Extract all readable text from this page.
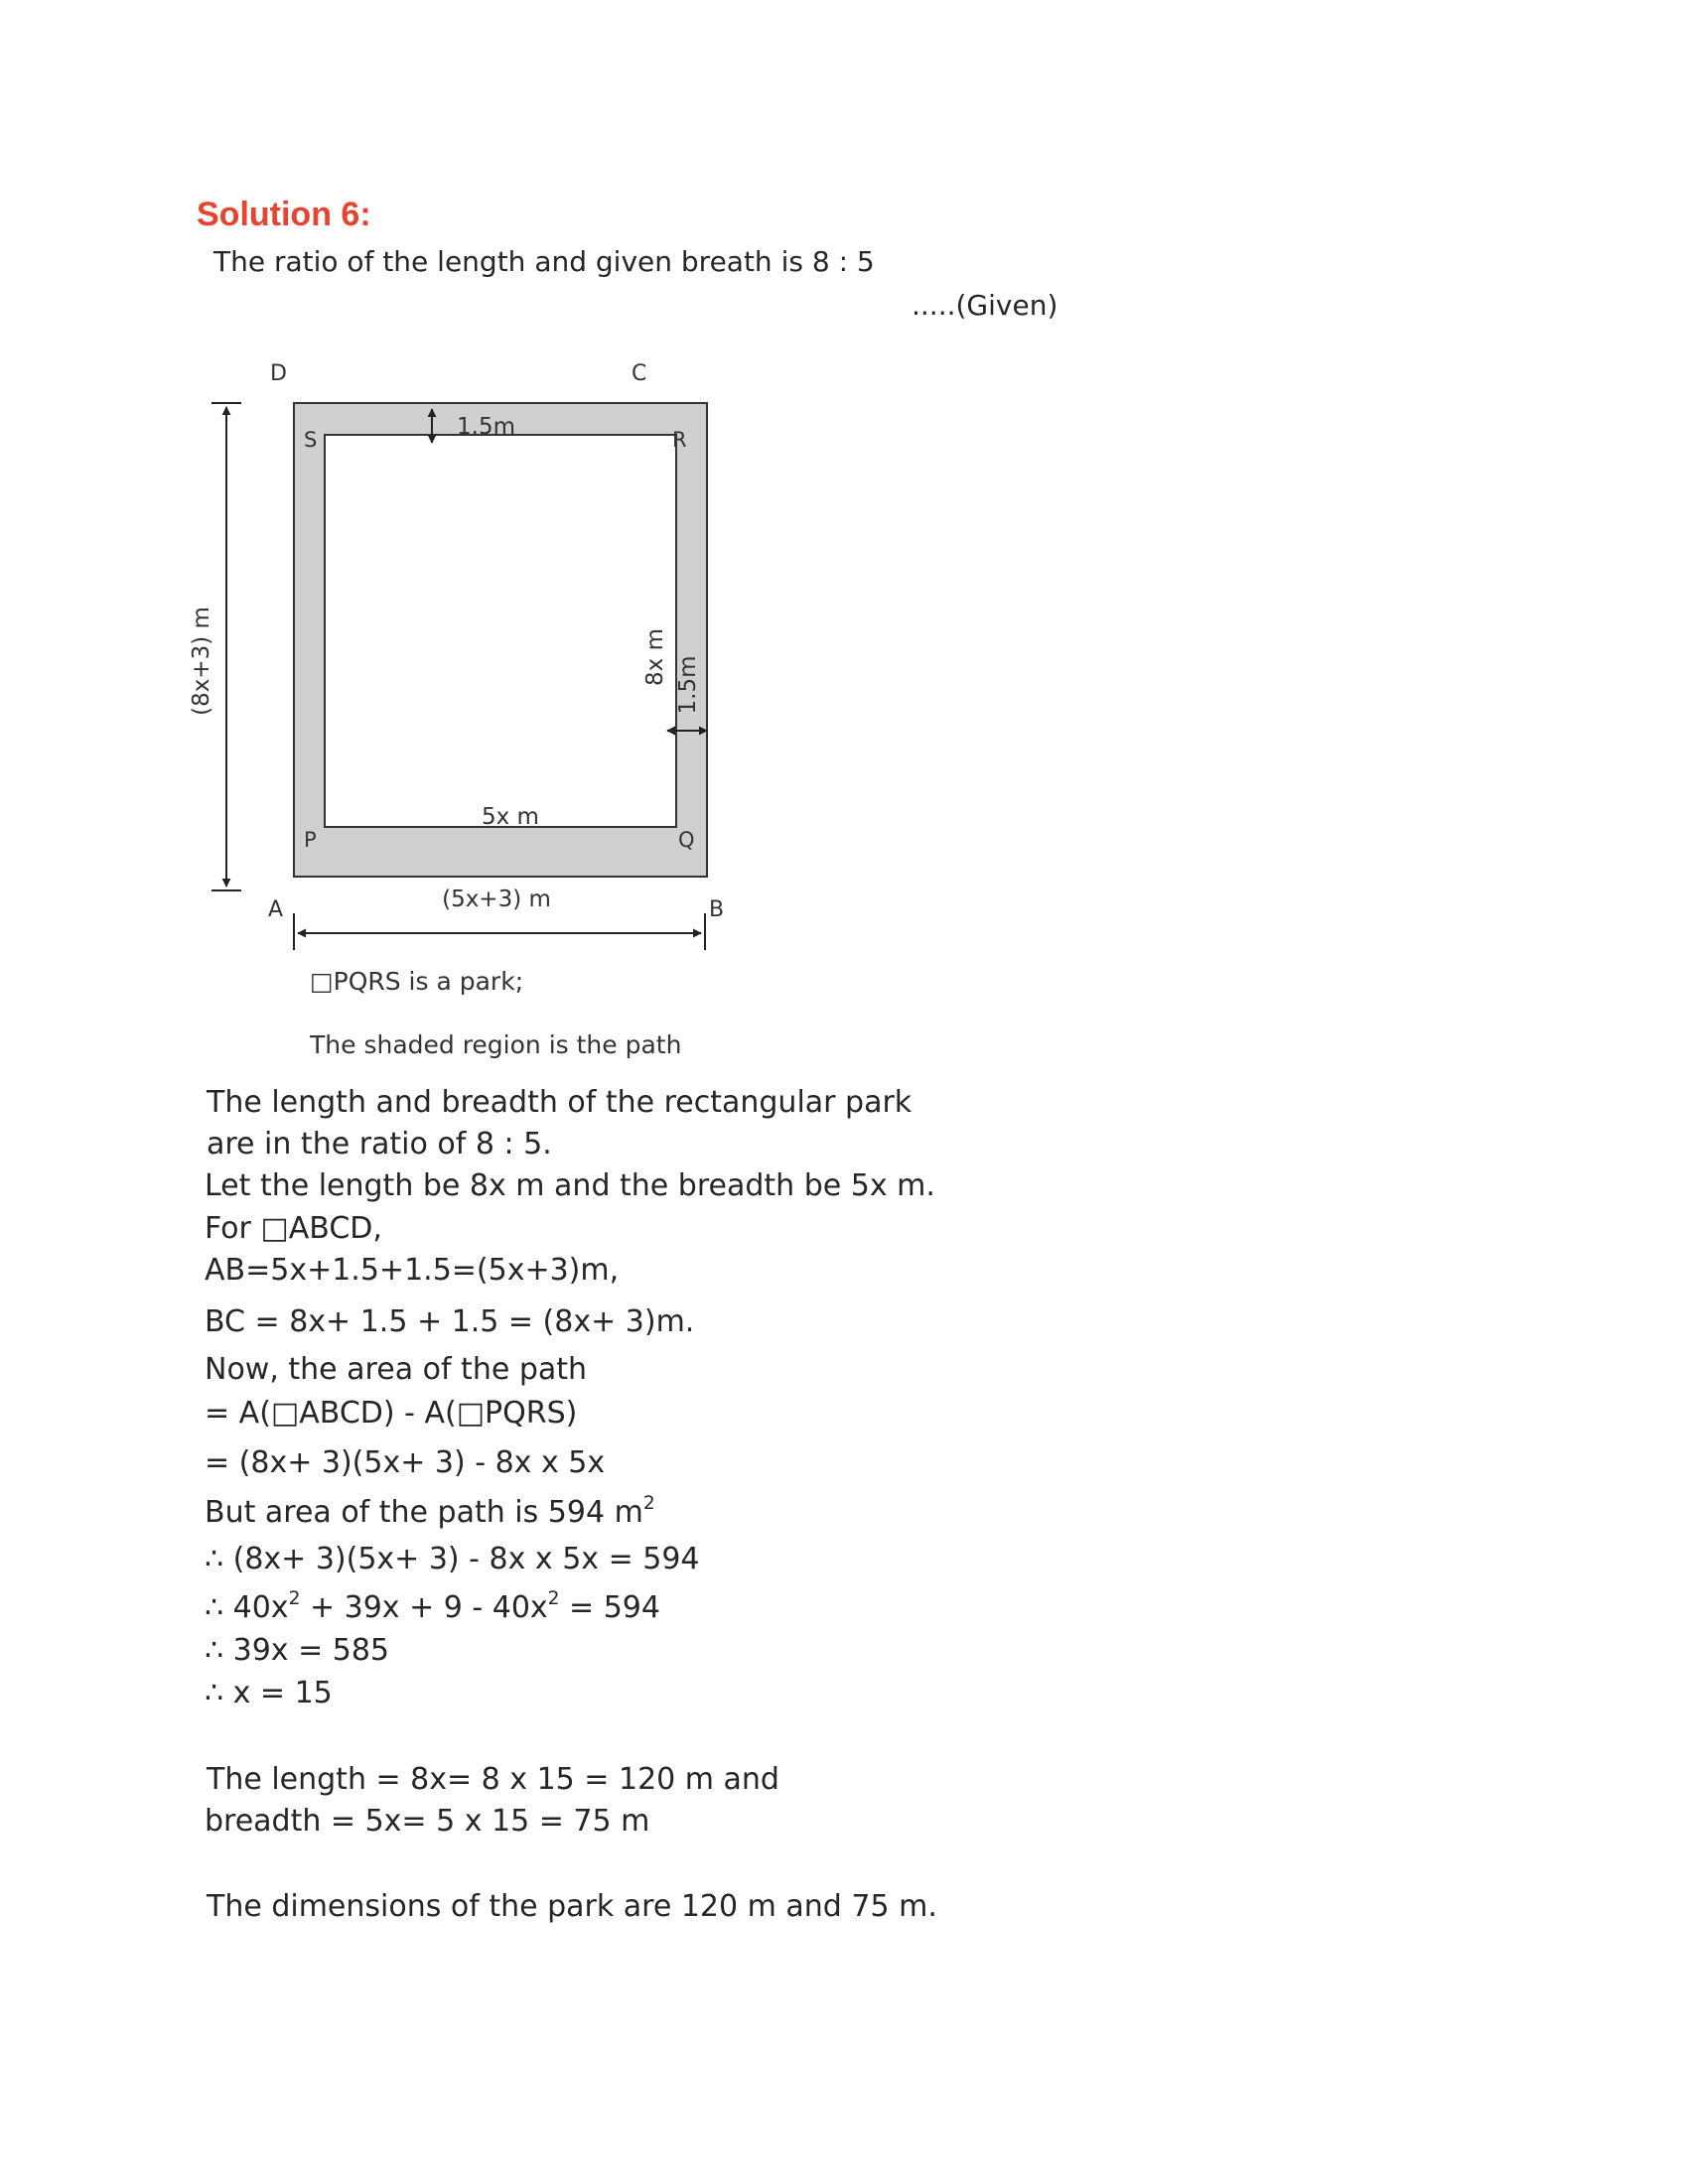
Solution 6:
The ratio of the length and given breath is 8 : 5
.....(Given)
D	C
A	B
S	R
P	Q
1.5m
1.5m
8x m
5x m
(8x+3) m
(5x+3) m
□PQRS is a park;
The shaded region is the path
The length and breadth of the rectangular park
are in the ratio of 8 : 5.
Let the length be 8x m and the breadth be 5x m.
For □ABCD,
AB=5x+1.5+1.5=(5x+3)m,
BC = 8x+ 1.5 + 1.5 = (8x+ 3)m.
Now, the area of the path
= A(□ABCD) - A(□PQRS)
= (8x+ 3)(5x+ 3) - 8x x 5x
But area of the path is 594 $m^2$
∴ (8x+ 3)(5x+ 3) - 8x x 5x = 594
∴ $40x^2 + 39x + 9 - 40x^2 = 594$
∴ 39x = 585
∴ x = 15
The length = 8x= 8 x 15 = 120 m and
breadth = 5x= 5 x 15 = 75 m
The dimensions of the park are 120 m and 75 m.
